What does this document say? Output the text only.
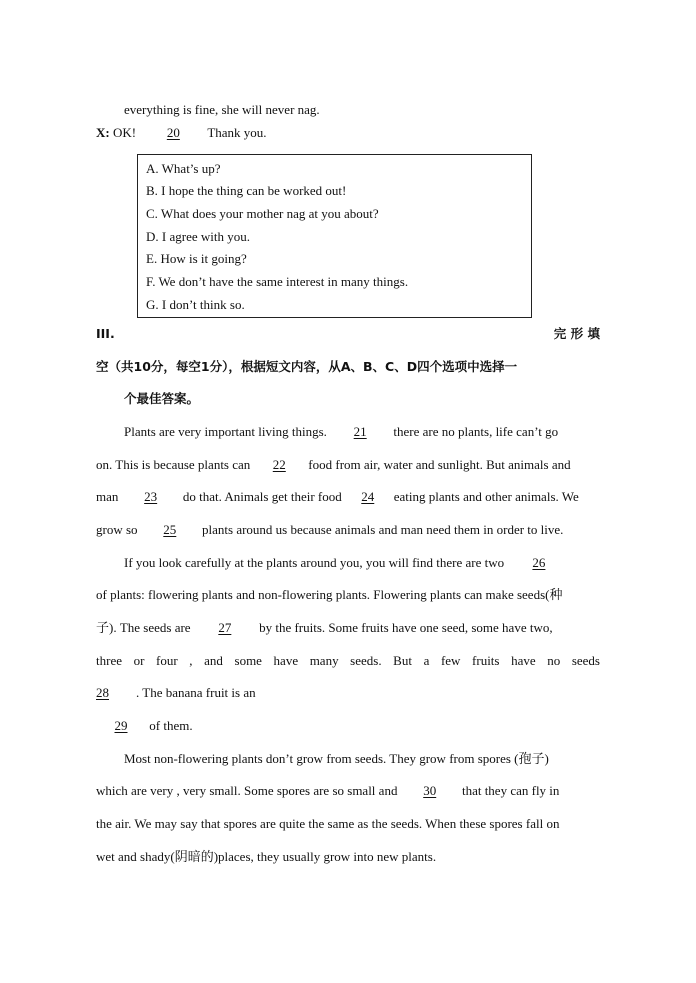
everything is fine, she will never nag.
X: OK! 20 Thank you.
A. What’s up?
B. I hope the thing can be worked out!
C. What does your mother nag at you about?
D. I agree with you.
E. How is it going?
F. We don’t have the same interest in many things.
G. I don’t think so.
III.	完 形 填
空（共10分，每空1分），根据短文内容，从A、B、C、D四个选项中选择一
个最佳答案。
Plants are very important living things. 21 there are no plants, life can’t go
on. This is because plants can 22 food from air, water and sunlight. But animals and
man 23 do that. Animals get their food 24 eating plants and other animals. We
grow so 25 plants around us because animals and man need them in order to live.
If you look carefully at the plants around you, you will find there are two 26
of plants: flowering plants and non-flowering plants. Flowering plants can make seeds(种
子). The seeds are 27 by the fruits. Some fruits have one seed, some have two,
three or four , and some have many seeds. But a few fruits have no seeds
28 . The banana fruit is an
29 of them.
Most non-flowering plants don’t grow from seeds. They grow from spores (孢子)
which are very , very small. Some spores are so small and 30 that they can fly in
the air. We may say that spores are quite the same as the seeds. When these spores fall on
wet and shady(阴暗的)places, they usually grow into new plants.
